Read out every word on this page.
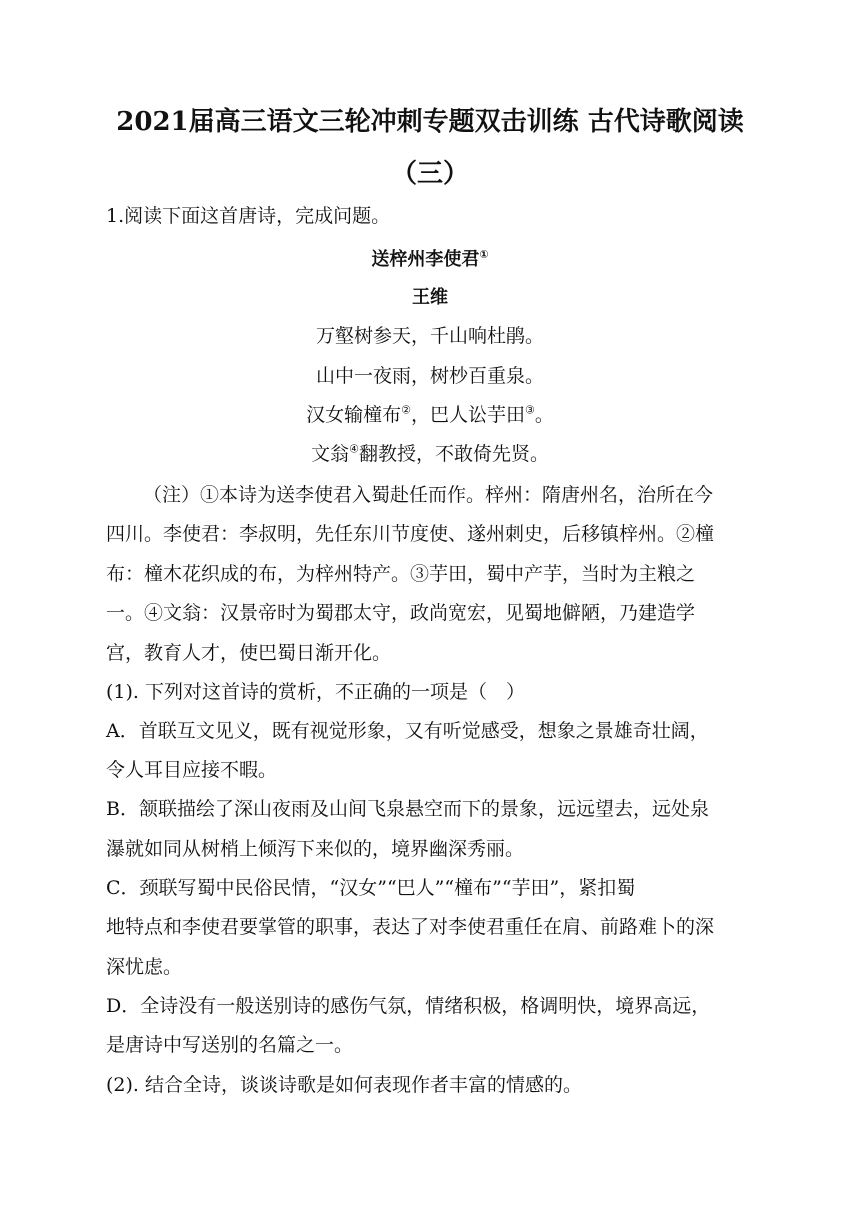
2021届高三语文三轮冲刺专题双击训练 古代诗歌阅读
（三）
1.阅读下面这首唐诗，完成问题。
送梓州李使君①
王维
万壑树参天，千山响杜鹃。
山中一夜雨，树杪百重泉。
汉女输橦布②，巴人讼芋田③。
文翁④翻教授，不敢倚先贤。
（注）①本诗为送李使君入蜀赴任而作。梓州：隋唐州名，治所在今
四川。李使君：李叔明，先任东川节度使、遂州刺史，后移镇梓州。②橦
布：橦木花织成的布，为梓州特产。③芋田，蜀中产芋，当时为主粮之
一。④文翁：汉景帝时为蜀郡太守，政尚宽宏，见蜀地僻陋，乃建造学
宫，教育人才，使巴蜀日渐开化。
(1). 下列对这首诗的赏析，不正确的一项是（　）
A．首联互文见义，既有视觉形象，又有听觉感受，想象之景雄奇壮阔，
令人耳目应接不暇。
B．颔联描绘了深山夜雨及山间飞泉悬空而下的景象，远远望去，远处泉
瀑就如同从树梢上倾泻下来似的，境界幽深秀丽。
C．颈联写蜀中民俗民情，“汉女”“巴人”“橦布”“芋田”，紧扣蜀
地特点和李使君要掌管的职事，表达了对李使君重任在肩、前路难卜的深
深忧虑。
D．全诗没有一般送别诗的感伤气氛，情绪积极，格调明快，境界高远，
是唐诗中写送别的名篇之一。
(2). 结合全诗，谈谈诗歌是如何表现作者丰富的情感的。
